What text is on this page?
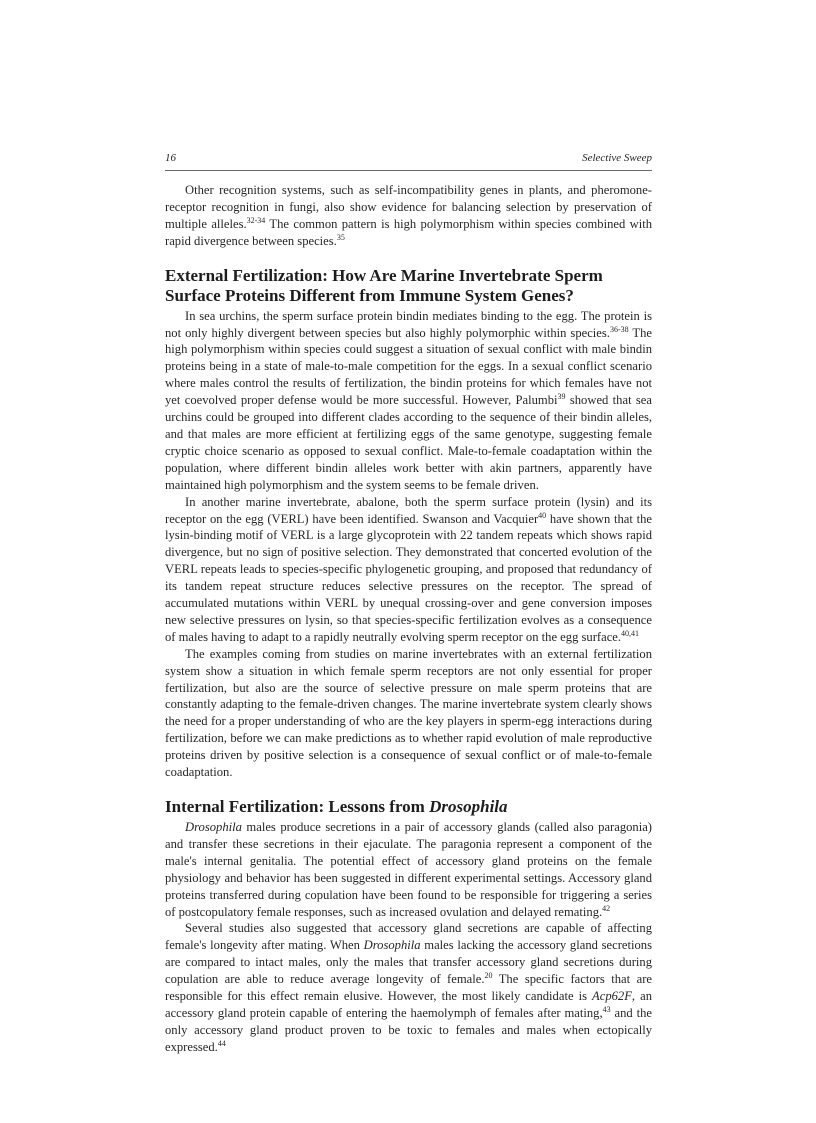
16	Selective Sweep

Other recognition systems, such as self-incompatibility genes in plants, and pheromone-receptor recognition in fungi, also show evidence for balancing selection by preservation of multiple alleles.$^{32-34}$ The common pattern is high polymorphism within species combined with rapid divergence between species.$^{35}$

External Fertilization: How Are Marine Invertebrate Sperm Surface Proteins Different from Immune System Genes?

In sea urchins, the sperm surface protein bindin mediates binding to the egg. The protein is not only highly divergent between species but also highly polymorphic within species.$^{36-38}$ The high polymorphism within species could suggest a situation of sexual conflict with male bindin proteins being in a state of male-to-male competition for the eggs. In a sexual conflict scenario where males control the results of fertilization, the bindin proteins for which females have not yet coevolved proper defense would be more successful. However, Palumbi$^{39}$ showed that sea urchins could be grouped into different clades according to the sequence of their bindin alleles, and that males are more efficient at fertilizing eggs of the same genotype, suggesting female cryptic choice scenario as opposed to sexual conflict. Male-to-female coadaptation within the population, where different bindin alleles work better with akin partners, apparently have maintained high polymorphism and the system seems to be female driven.

In another marine invertebrate, abalone, both the sperm surface protein (lysin) and its receptor on the egg (VERL) have been identified. Swanson and Vacquier$^{40}$ have shown that the lysin-binding motif of VERL is a large glycoprotein with 22 tandem repeats which shows rapid divergence, but no sign of positive selection. They demonstrated that concerted evolution of the VERL repeats leads to species-specific phylogenetic grouping, and proposed that redundancy of its tandem repeat structure reduces selective pressures on the receptor. The spread of accumulated mutations within VERL by unequal crossing-over and gene conversion imposes new selective pressures on lysin, so that species-specific fertilization evolves as a consequence of males having to adapt to a rapidly neutrally evolving sperm receptor on the egg surface.$^{40,41}$

The examples coming from studies on marine invertebrates with an external fertilization system show a situation in which female sperm receptors are not only essential for proper fertilization, but also are the source of selective pressure on male sperm proteins that are constantly adapting to the female-driven changes. The marine invertebrate system clearly shows the need for a proper understanding of who are the key players in sperm-egg interactions during fertilization, before we can make predictions as to whether rapid evolution of male reproductive proteins driven by positive selection is a consequence of sexual conflict or of male-to-female coadaptation.

Internal Fertilization: Lessons from Drosophila

Drosophila males produce secretions in a pair of accessory glands (called also paragonia) and transfer these secretions in their ejaculate. The paragonia represent a component of the male's internal genitalia. The potential effect of accessory gland proteins on the female physiology and behavior has been suggested in different experimental settings. Accessory gland proteins transferred during copulation have been found to be responsible for triggering a series of postcopulatory female responses, such as increased ovulation and delayed remating.$^{42}$

Several studies also suggested that accessory gland secretions are capable of affecting female's longevity after mating. When Drosophila males lacking the accessory gland secretions are compared to intact males, only the males that transfer accessory gland secretions during copulation are able to reduce average longevity of female.$^{20}$ The specific factors that are responsible for this effect remain elusive. However, the most likely candidate is Acp62F, an accessory gland protein capable of entering the haemolymph of females after mating,$^{43}$ and the only accessory gland product proven to be toxic to females and males when ectopically expressed.$^{44}$
